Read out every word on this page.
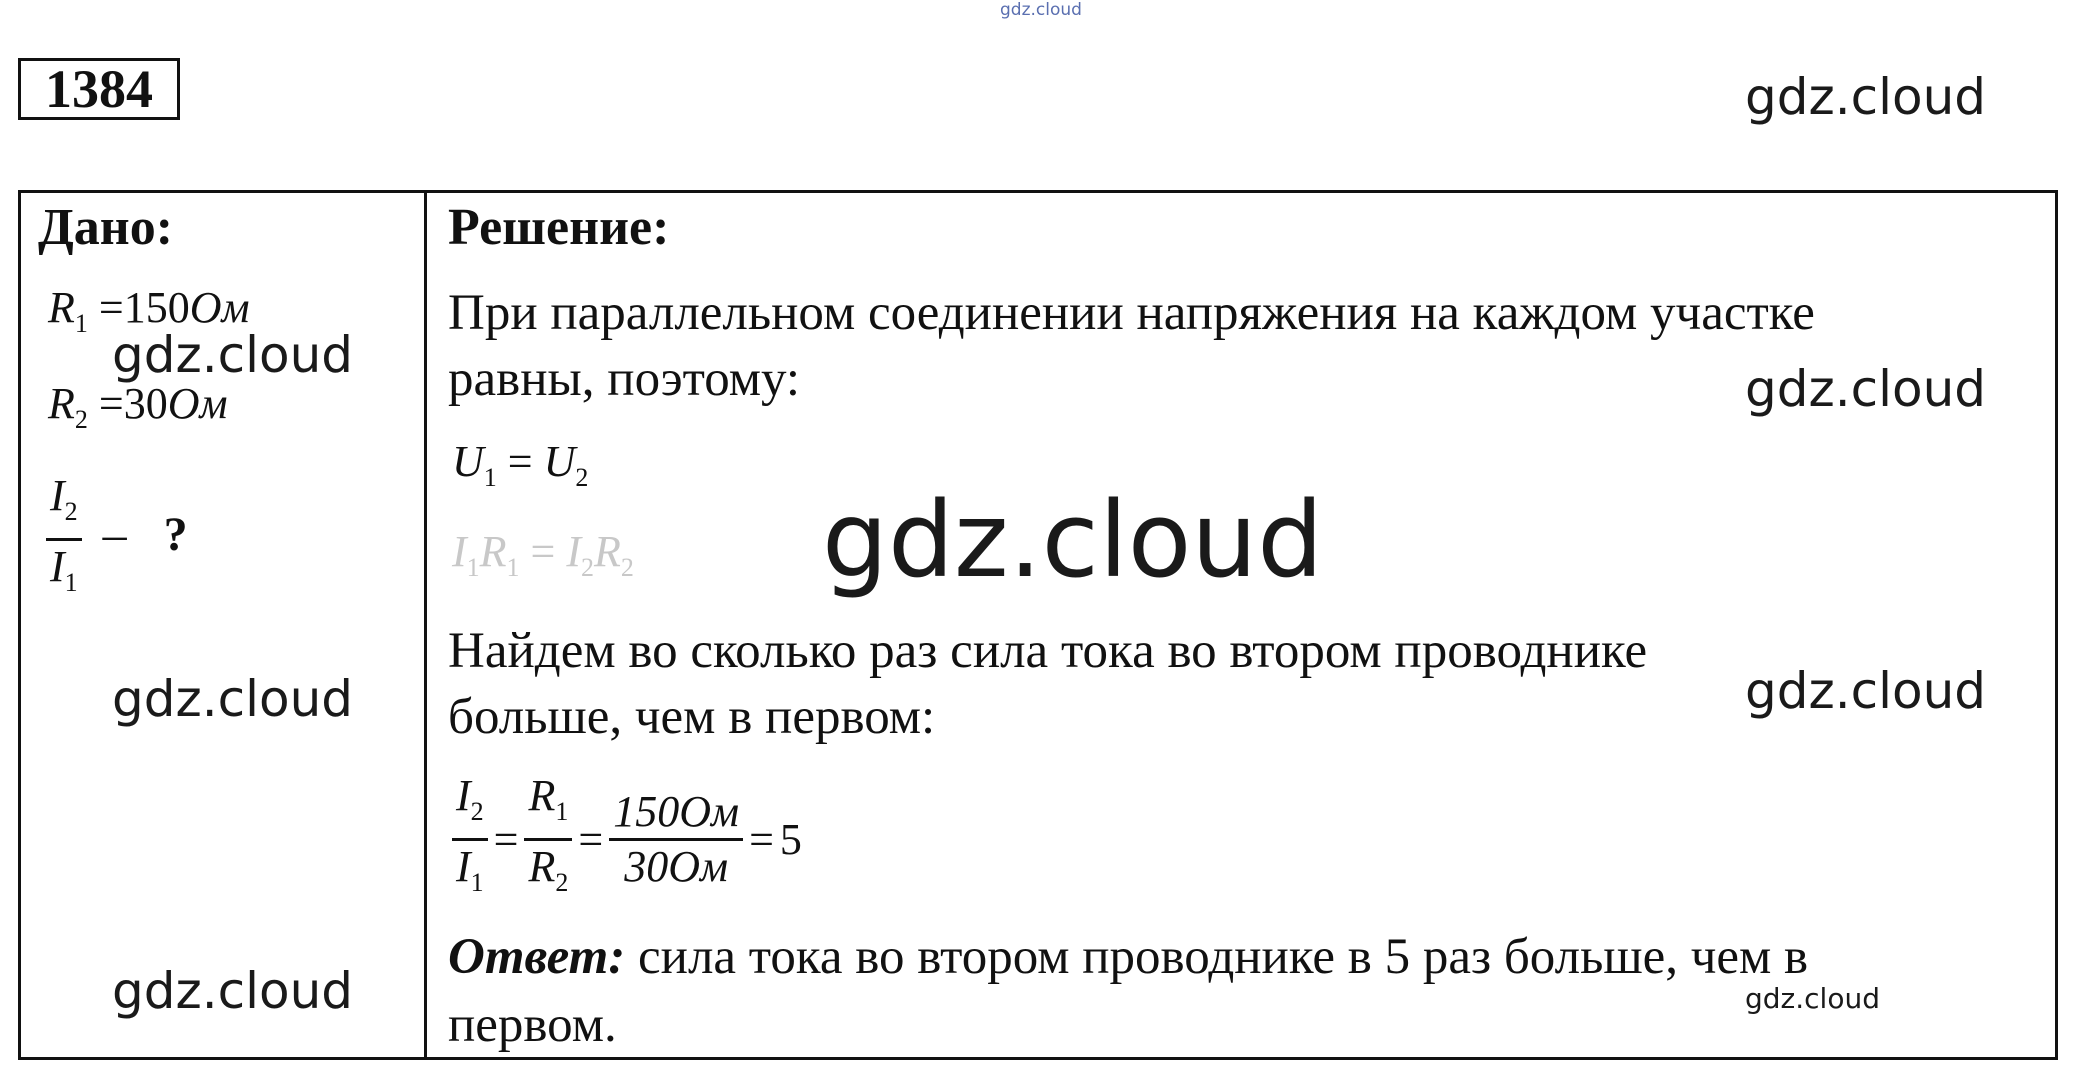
gdz.cloud
gdz.cloud
1384
Дано:
$R_1 =150Ом$
$R_2 =30Ом$
$\frac{I_2}{I_1}$ – ?
gdz.cloud
gdz.cloud
gdz.cloud
Решение:
При параллельном соединении напряжения на каждом участке
равны, поэтому:
$U_1 = U_2$
$I_1R_1 = I_2R_2$
Найдем во сколько раз сила тока во втором проводнике
больше, чем в первом:
$\frac{I_2}{I_1} = \frac{R_1}{R_2} = \frac{150Ом}{30Ом} = 5$
Ответ: сила тока во втором проводнике в 5 раз больше, чем в
первом.
gdz.cloud
gdz.cloud
gdz.cloud
gdz.cloud
